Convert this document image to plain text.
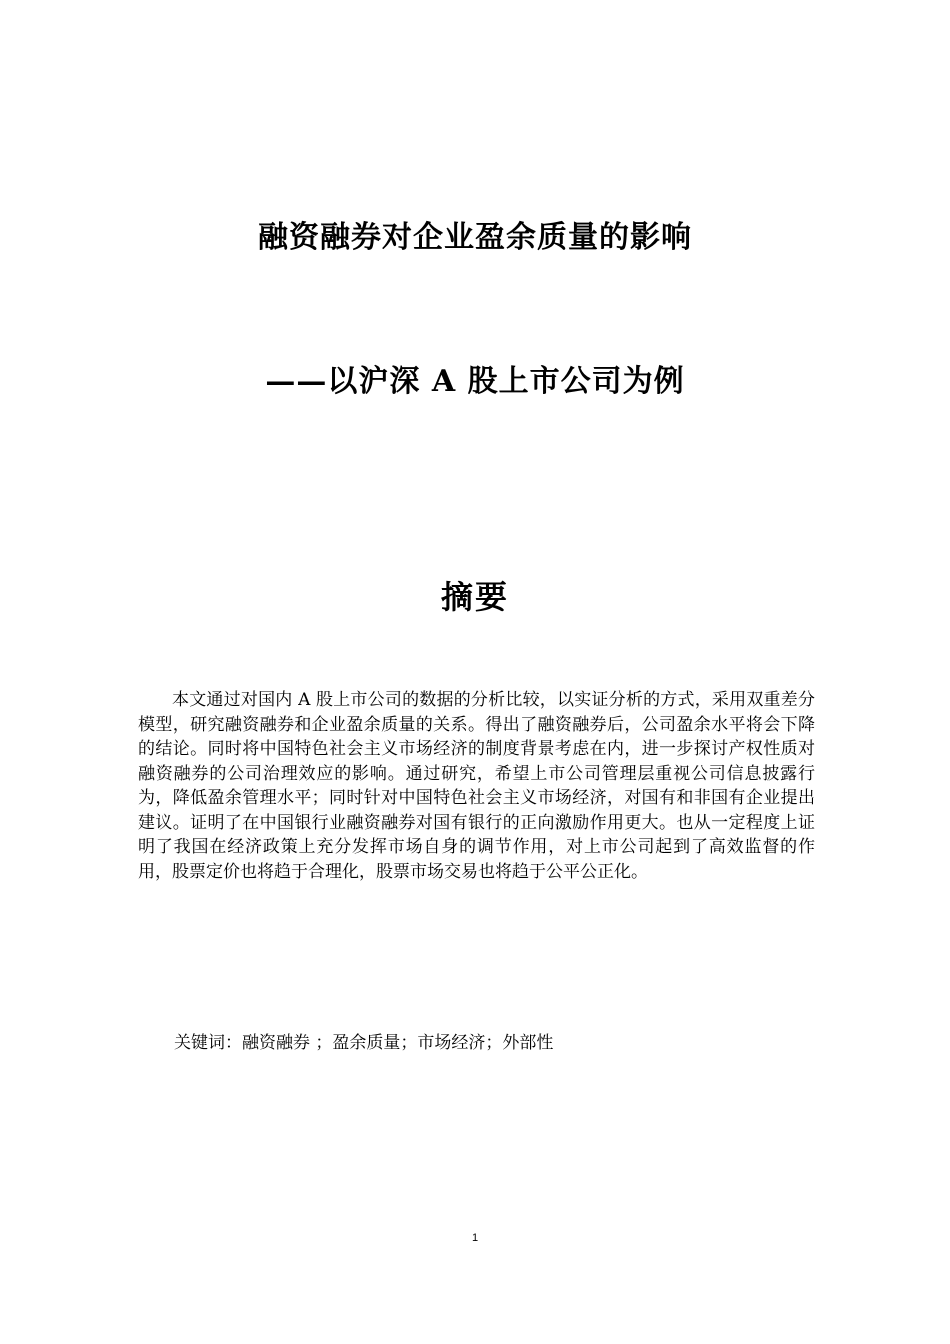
融资融券对企业盈余质量的影响
——以沪深 A 股上市公司为例
摘要

本文通过对国内 A 股上市公司的数据的分析比较，以实证分析的方式，采用双重差分模型，研究融资融券和企业盈余质量的关系。得出了融资融券后，公司盈余水平将会下降的结论。同时将中国特色社会主义市场经济的制度背景考虑在内，进一步探讨产权性质对融资融券的公司治理效应的影响。通过研究，希望上市公司管理层重视公司信息披露行为，降低盈余管理水平；同时针对中国特色社会主义市场经济，对国有和非国有企业提出建议。证明了在中国银行业融资融券对国有银行的正向激励作用更大。也从一定程度上证明了我国在经济政策上充分发挥市场自身的调节作用，对上市公司起到了高效监督的作用，股票定价也将趋于合理化，股票市场交易也将趋于公平公正化。

关键词：融资融券 ；盈余质量；市场经济；外部性
1
